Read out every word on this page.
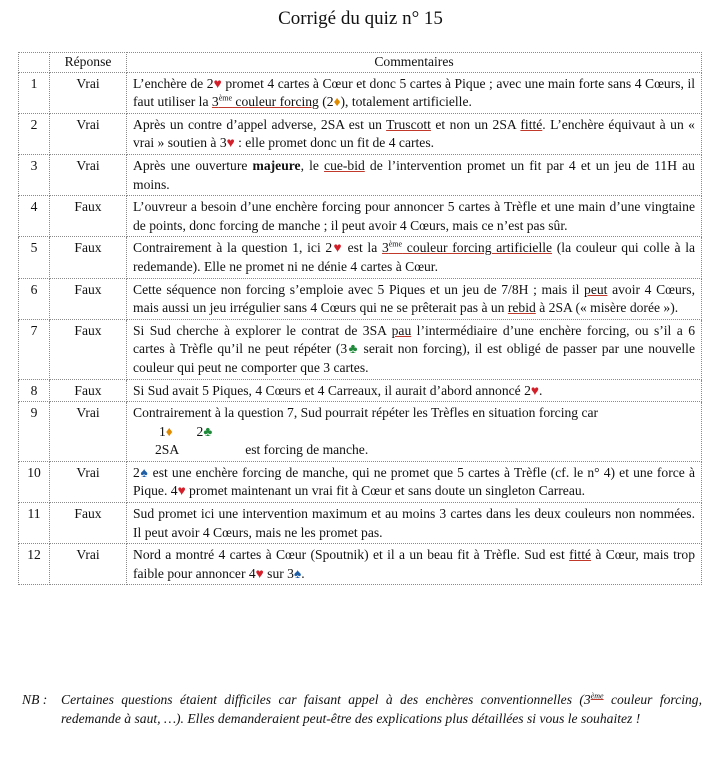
Corrigé du quiz n° 15
	Réponse	Commentaires
1	Vrai	L’enchère de 2♥ promet 4 cartes à Cœur et donc 5 cartes à Pique ; avec une main forte sans 4 Cœurs, il faut utiliser la 3ème couleur forcing (2♦), totalement artificielle.
2	Vrai	Après un contre d’appel adverse, 2SA est un Truscott et non un 2SA fitté. L’enchère équivaut à un « vrai » soutien à 3♥ : elle promet donc un fit de 4 cartes.
3	Vrai	Après une ouverture majeure, le cue-bid de l’intervention promet un fit par 4 et un jeu de 11H au moins.
4	Faux	L’ouvreur a besoin d’une enchère forcing pour annoncer 5 cartes à Trèfle et une main d’une vingtaine de points, donc forcing de manche ; il peut avoir 4 Cœurs, mais ce n’est pas sûr.
5	Faux	Contrairement à la question 1, ici 2♥ est la 3ème couleur forcing artificielle (la couleur qui colle à la redemande). Elle ne promet ni ne dénie 4 cartes à Cœur.
6	Faux	Cette séquence non forcing s’emploie avec 5 Piques et un jeu de 7/8H ; mais il peut avoir 4 Cœurs, mais aussi un jeu irrégulier sans 4 Cœurs qui ne se prêterait pas à un rebid à 2SA (« misère dorée »).
7	Faux	Si Sud cherche à explorer le contrat de 3SA pau l’intermédiaire d’une enchère forcing, ou s’il a 6 cartes à Trèfle qu’il ne peut répéter (3♣ serait non forcing), il est obligé de passer par une nouvelle couleur qui peut ne comporter que 3 cartes.
8	Faux	Si Sud avait 5 Piques, 4 Cœurs et 4 Carreaux, il aurait d’abord annoncé 2♥.
9	Vrai	Contrairement à la question 7, Sud pourrait répéter les Trèfles en situation forcing car
1♦ 2♣
2SA est forcing de manche.

10	Vrai	2♠ est une enchère forcing de manche, qui ne promet que 5 cartes à Trèfle (cf. le n° 4) et une force à Pique. 4♥ promet maintenant un vrai fit à Cœur et sans doute un singleton Carreau.
11	Faux	Sud promet ici une intervention maximum et au moins 3 cartes dans les deux couleurs non nommées. Il peut avoir 4 Cœurs, mais ne les promet pas.
12	Vrai	Nord a montré 4 cartes à Cœur (Spoutnik) et il a un beau fit à Trèfle. Sud est fitté à Cœur, mais trop faible pour annoncer 4♥ sur 3♠.
NB :	Certaines questions étaient difficiles car faisant appel à des enchères conventionnelles (3ème couleur forcing, redemande à saut, …). Elles demanderaient peut-être des explications plus détaillées si vous le souhaitez !
